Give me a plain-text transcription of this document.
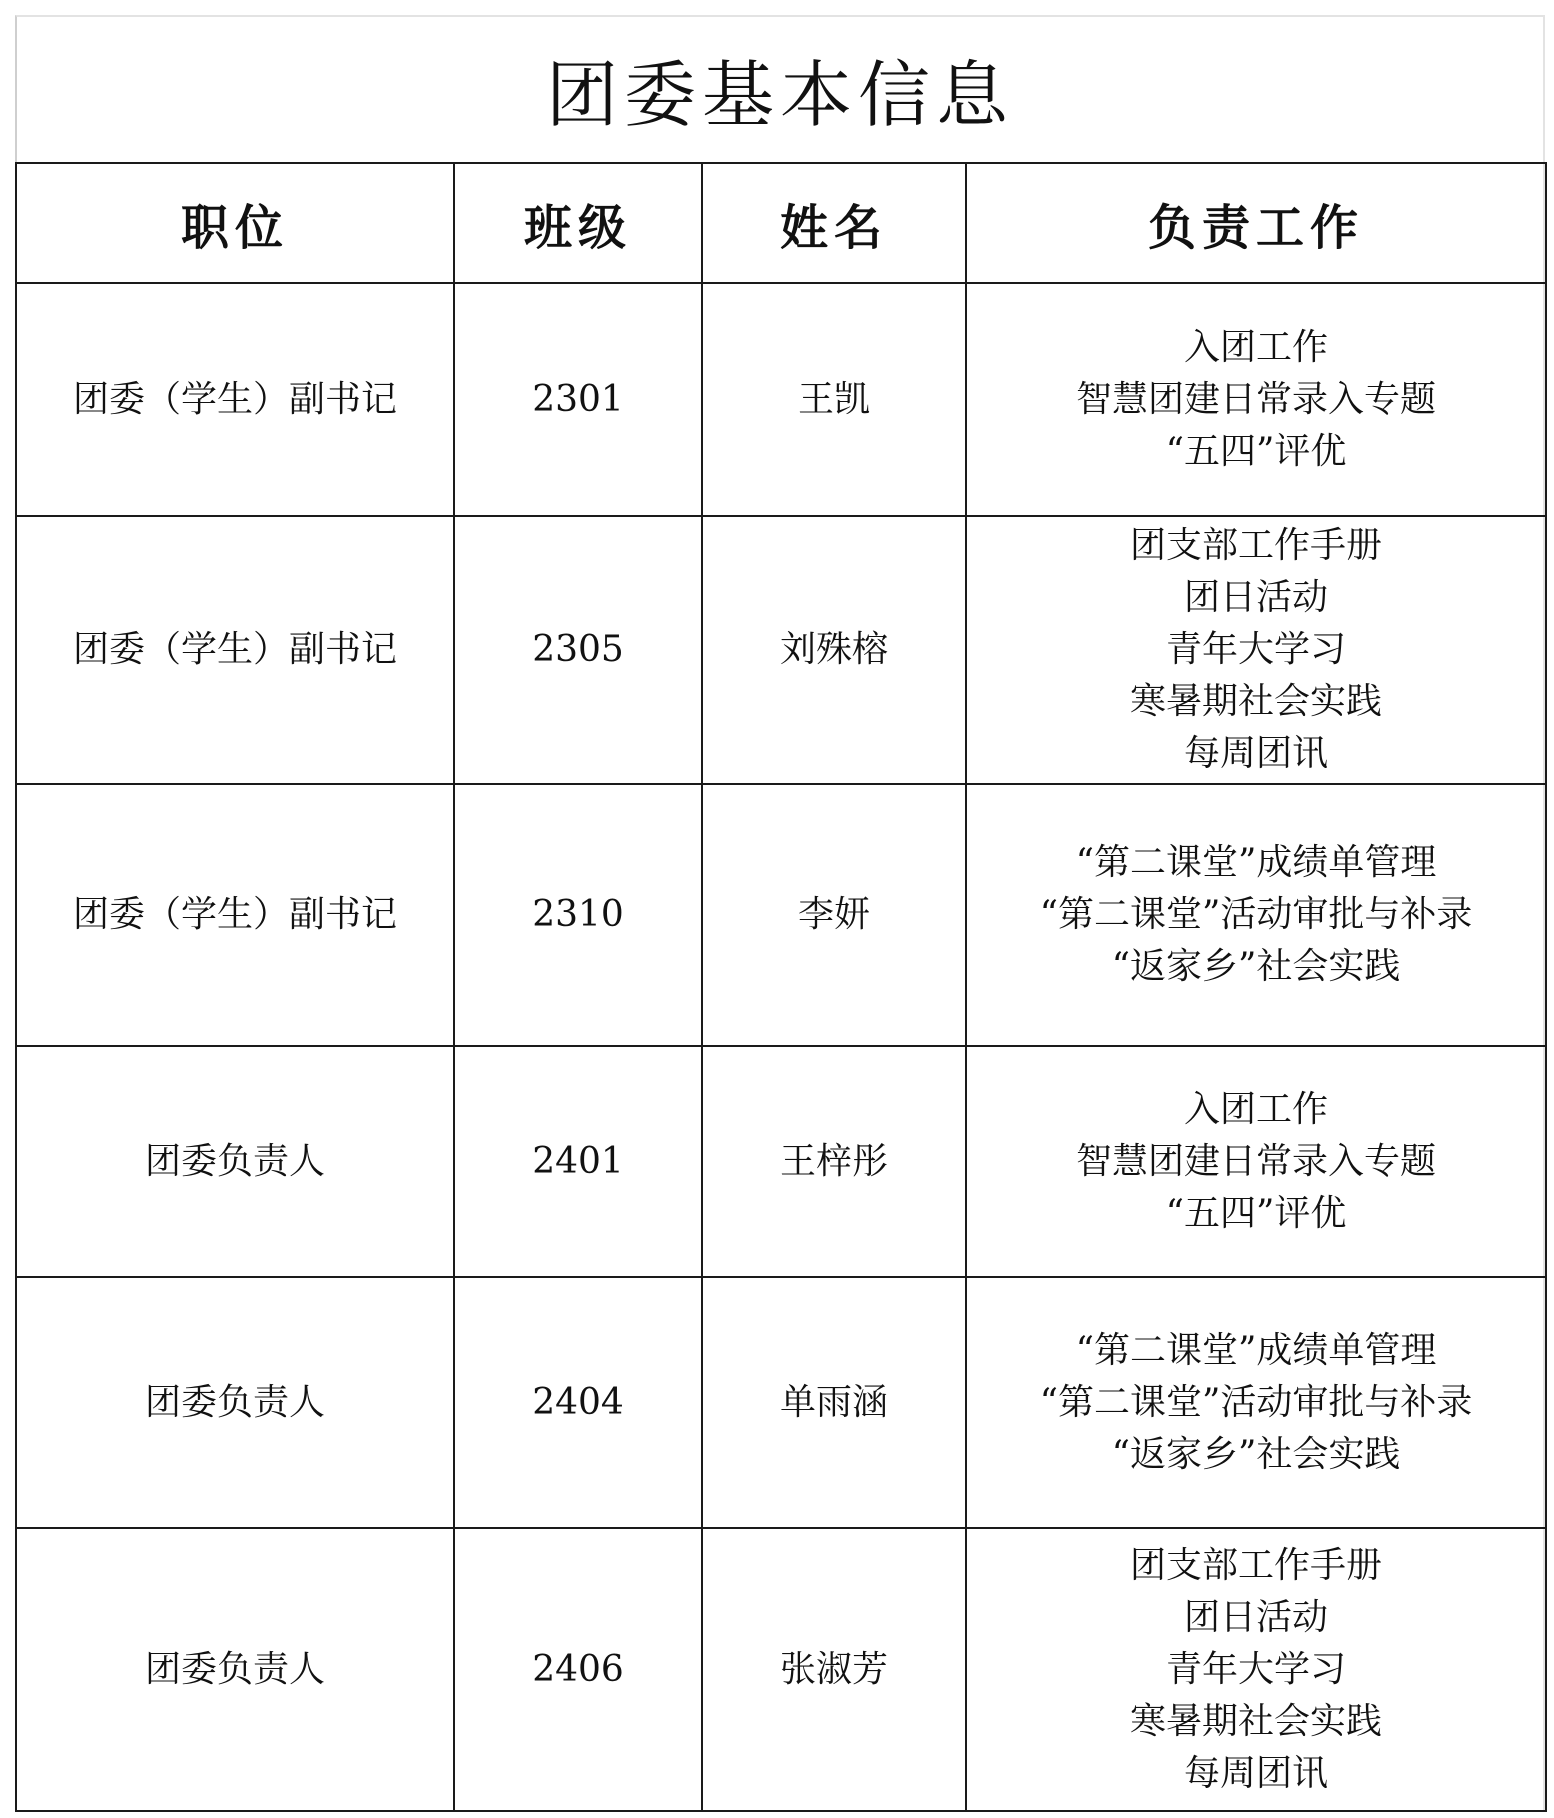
团委基本信息
职位	班级	姓名	负责工作
团委（学生）副书记	2301	王凯	入团工作
智慧团建日常录入专题
“五四”评优

团委（学生）副书记	2305	刘殊榕	团支部工作手册
团日活动
青年大学习
寒暑期社会实践
每周团讯

团委（学生）副书记	2310	李妍	“第二课堂”成绩单管理
“第二课堂”活动审批与补录
“返家乡”社会实践

团委负责人	2401	王梓彤	入团工作
智慧团建日常录入专题
“五四”评优

团委负责人	2404	单雨涵	“第二课堂”成绩单管理
“第二课堂”活动审批与补录
“返家乡”社会实践

团委负责人	2406	张淑芳	团支部工作手册
团日活动
青年大学习
寒暑期社会实践
每周团讯
